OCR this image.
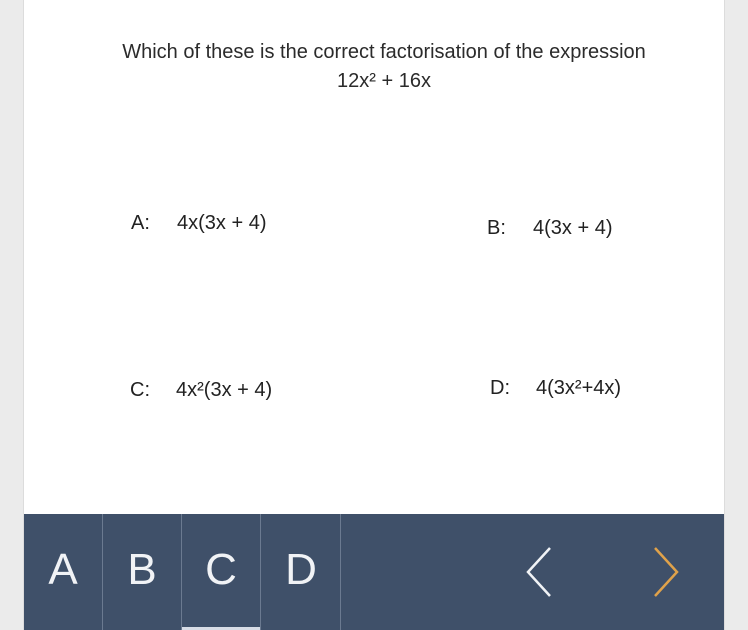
Which of these is the correct factorisation of the expression
12x² + 16x
A: 4x(3x + 4)	B: 4(3x + 4)
C: 4x²(3x + 4)	D: 4(3x²+4x)
A	B	C	D
